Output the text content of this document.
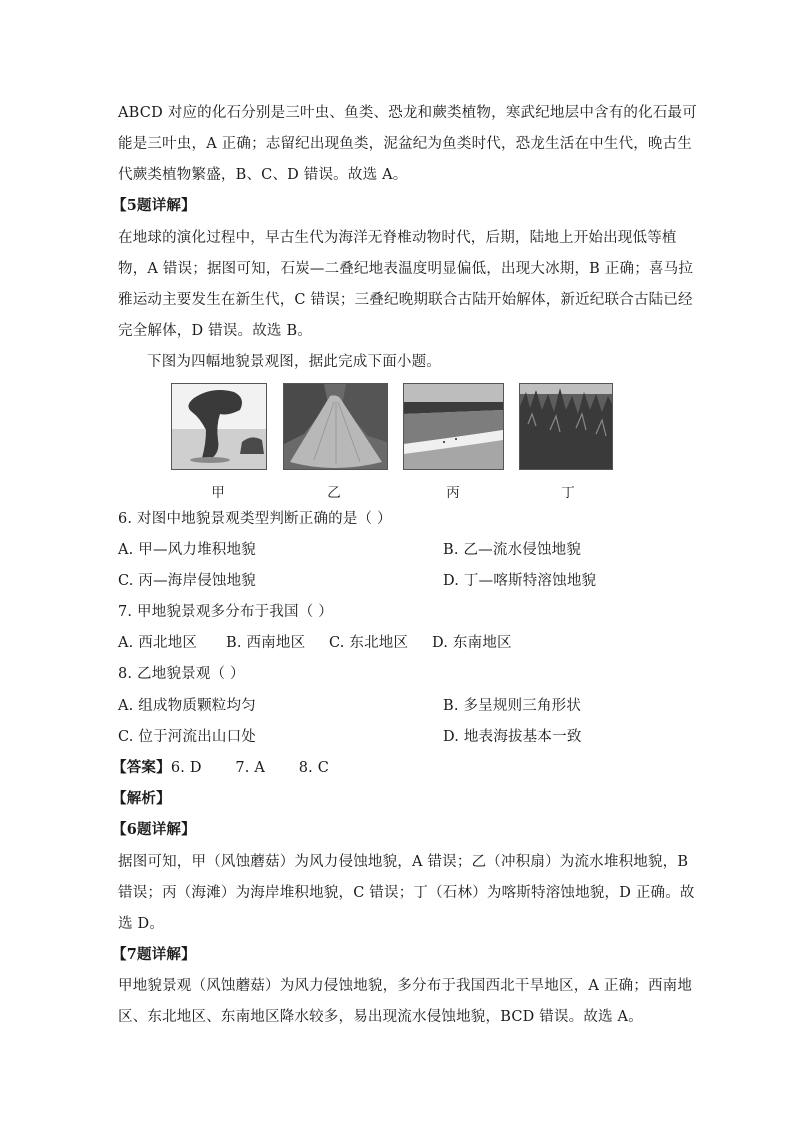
ABCD 对应的化石分别是三叶虫、鱼类、恐龙和蕨类植物，寒武纪地层中含有的化石最可
能是三叶虫，A 正确；志留纪出现鱼类，泥盆纪为鱼类时代，恐龙生活在中生代，晚古生
代蕨类植物繁盛，B、C、D 错误。故选 A。
【5题详解】
在地球的演化过程中，早古生代为海洋无脊椎动物时代，后期，陆地上开始出现低等植
物，A 错误；据图可知，石炭—二叠纪地表温度明显偏低，出现大冰期，B 正确；喜马拉
雅运动主要发生在新生代，C 错误；三叠纪晚期联合古陆开始解体，新近纪联合古陆已经
完全解体，D 错误。故选 B。
下图为四幅地貌景观图，据此完成下面小题。
甲	乙	丙	丁
6. 对图中地貌景观类型判断正确的是（ ）
A. 甲—风力堆积地貌	B. 乙—流水侵蚀地貌
C. 丙—海岸侵蚀地貌	D. 丁—喀斯特溶蚀地貌
7. 甲地貌景观多分布于我国（ ）
A. 西北地区 B. 西南地区 C. 东北地区 D. 东南地区
8. 乙地貌景观（ ）
A. 组成物质颗粒均匀	B. 多呈规则三角形状
C. 位于河流出山口处	D. 地表海拔基本一致
【答案】6. D       7. A       8. C
【解析】
【6题详解】
据图可知，甲（风蚀蘑菇）为风力侵蚀地貌，A 错误；乙（冲积扇）为流水堆积地貌，B
错误；丙（海滩）为海岸堆积地貌，C 错误；丁（石林）为喀斯特溶蚀地貌，D 正确。故
选 D。
【7题详解】
甲地貌景观（风蚀蘑菇）为风力侵蚀地貌，多分布于我国西北干旱地区，A 正确；西南地
区、东北地区、东南地区降水较多，易出现流水侵蚀地貌，BCD 错误。故选 A。
